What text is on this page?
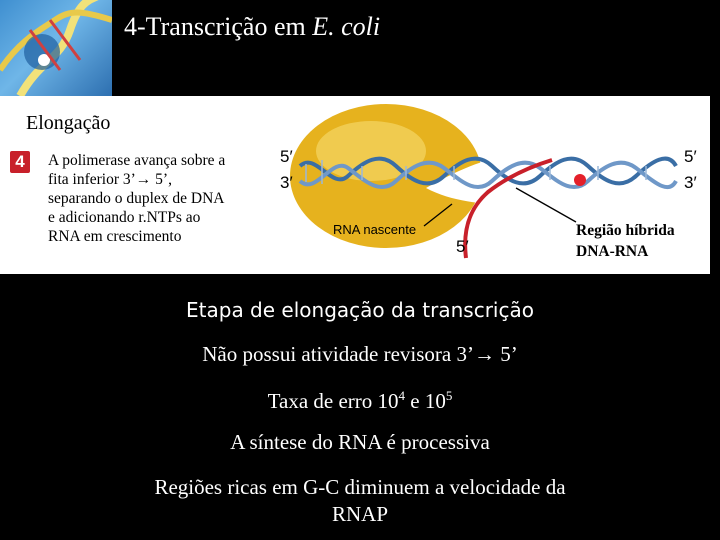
4-Transcrição em E. coli
Elongação
4	A polimerase avança sobre a
fita inferior 3’→ 5’,
separando o duplex de DNA
e adicionando r.NTPs ao
RNA em crescimento
5′
3′
5′
3′
5′
RNA nascente	Região híbrida
DNA-RNA
Etapa de elongação da transcrição
Não possui atividade revisora 3’→ 5’
Taxa de erro $10^4$ e $10^5$
A síntese do RNA é processiva
Regiões ricas em G-C diminuem a velocidade da
RNAP
